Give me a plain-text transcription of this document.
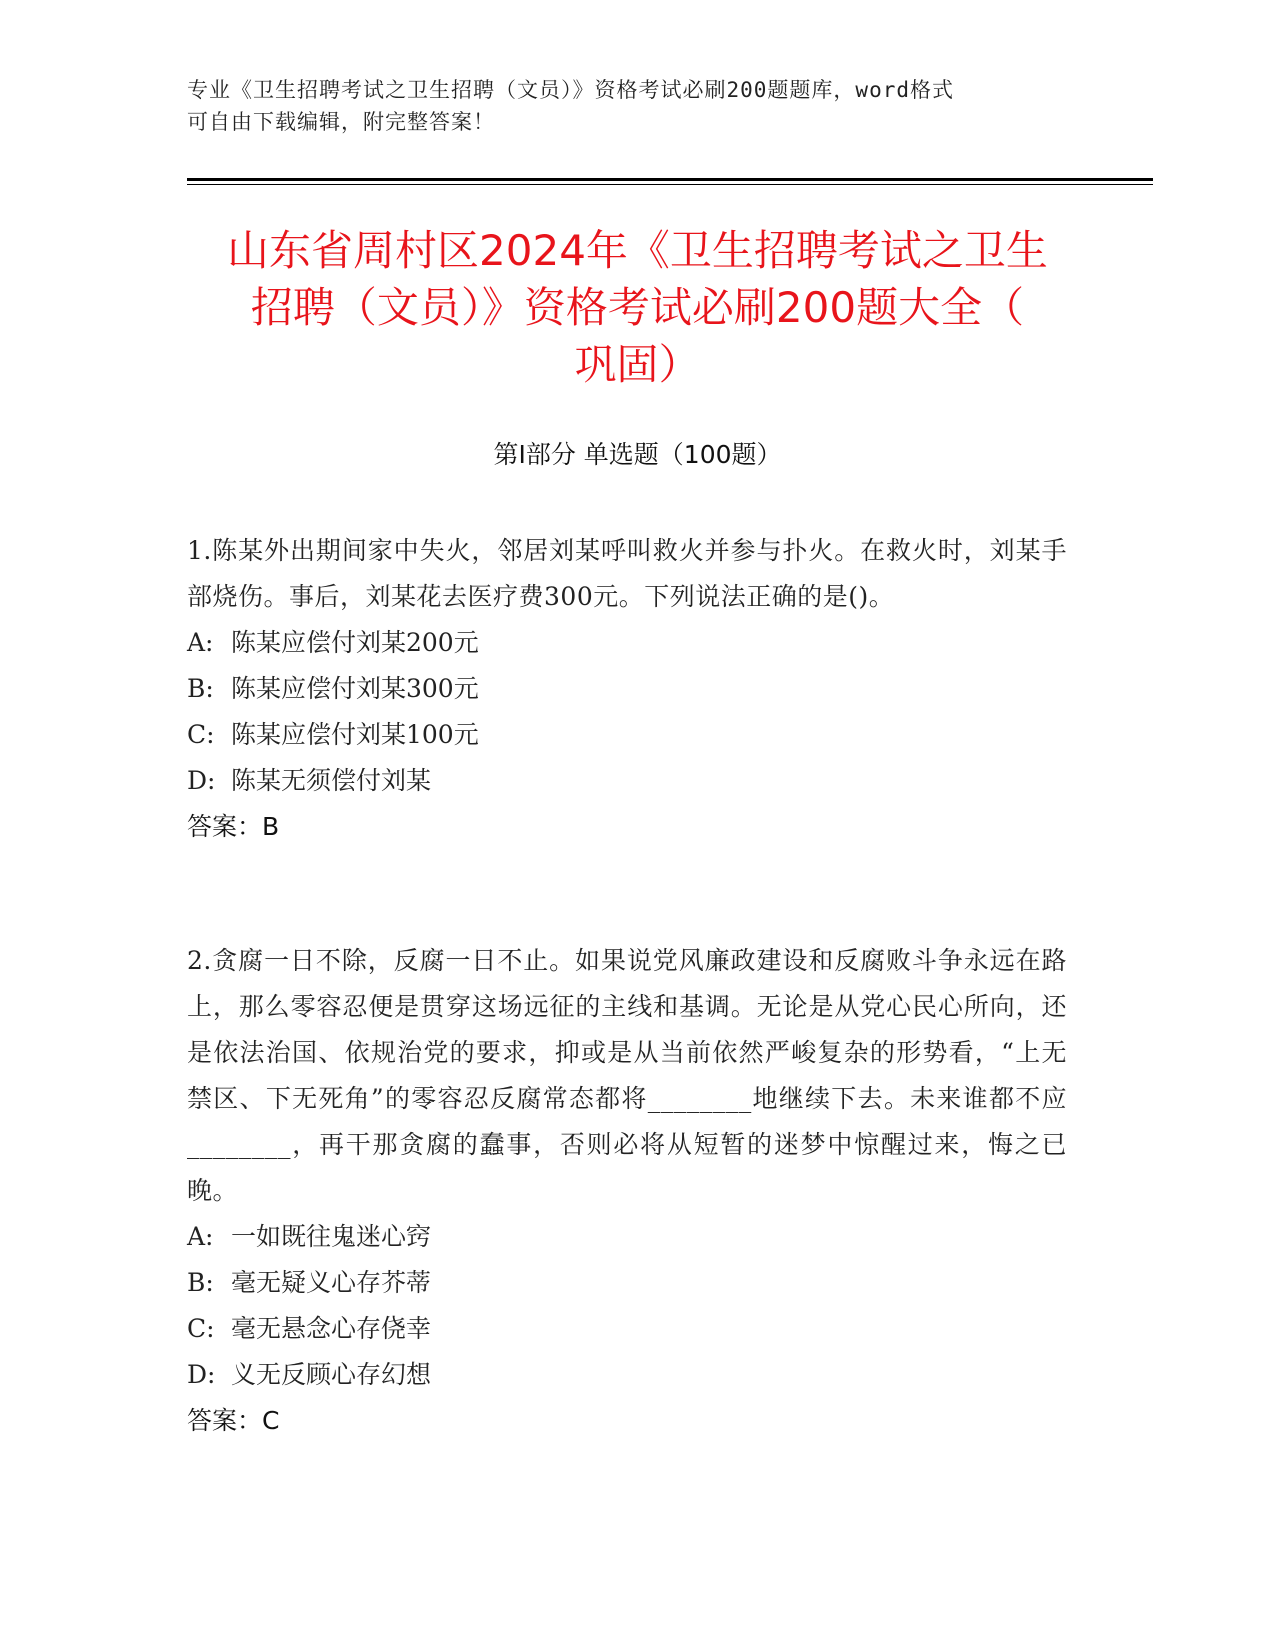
专业《卫生招聘考试之卫生招聘（文员）》资格考试必刷200题题库，word格式
可自由下载编辑，附完整答案！
山东省周村区2024年《卫生招聘考试之卫生
招聘（文员）》资格考试必刷200题大全（
巩固）
第Ⅰ部分 单选题（100题）

1.陈某外出期间家中失火，邻居刘某呼叫救火并参与扑火。在救火时，刘某手部烧伤。事后，刘某花去医疗费300元。下列说法正确的是()。

A: 陈某应偿付刘某200元
B: 陈某应偿付刘某300元
C: 陈某应偿付刘某100元
D: 陈某无须偿付刘某
答案：B

2.贪腐一日不除，反腐一日不止。如果说党风廉政建设和反腐败斗争永远在路上，那么零容忍便是贯穿这场远征的主线和基调。无论是从党心民心所向，还是依法治国、依规治党的要求，抑或是从当前依然严峻复杂的形势看，“上无禁区、下无死角”的零容忍反腐常态都将________地继续下去。未来谁都不应________，再干那贪腐的蠢事，否则必将从短暂的迷梦中惊醒过来，悔之已晚。

A: 一如既往鬼迷心窍
B: 毫无疑义心存芥蒂
C: 毫无悬念心存侥幸
D: 义无反顾心存幻想
答案：C
